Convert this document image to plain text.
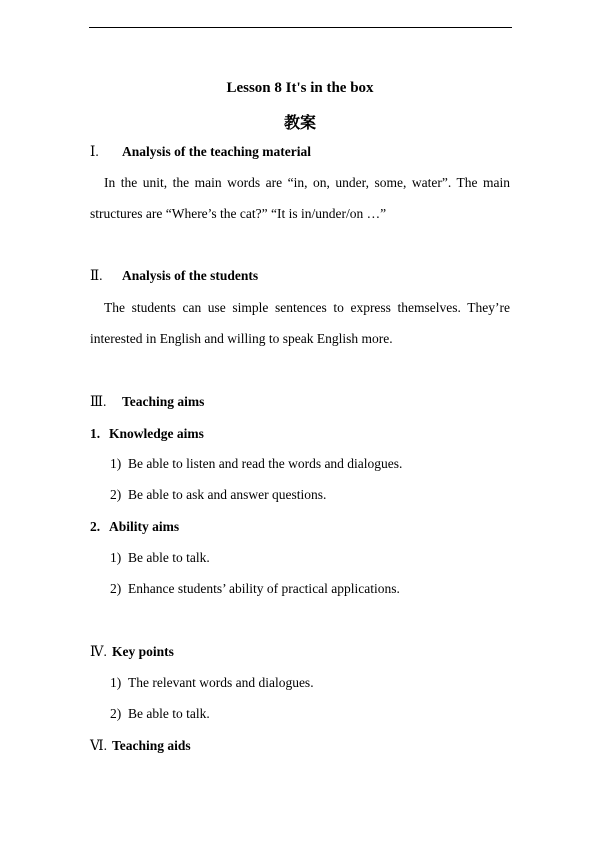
Lesson 8 It's in the box
教案
Ⅰ. Analysis of the teaching material
In the unit, the main words are “in, on, under, some, water”. The main
structures are “Where’s the cat?” “It is in/under/on …”
Ⅱ. Analysis of the students
The students can use simple sentences to express themselves. They’re
interested in English and willing to speak English more.
Ⅲ. Teaching aims
1. Knowledge aims
1) Be able to listen and read the words and dialogues.
2) Be able to ask and answer questions.
2. Ability aims
1) Be able to talk.
2) Enhance students’ ability of practical applications.
Ⅳ. Key points
1) The relevant words and dialogues.
2) Be able to talk.
Ⅵ. Teaching aids
